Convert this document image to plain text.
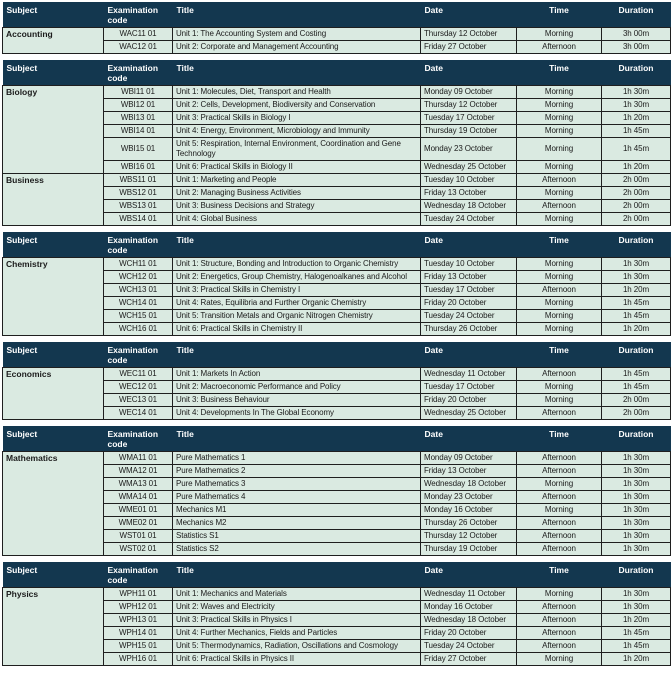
Subject	Examination code	Title	Date	Time	Duration
Accounting	WAC11 01	Unit 1: The Accounting System and Costing	Thursday 12 October	Morning	3h 00m
	WAC12 01	Unit 2: Corporate and Management Accounting	Friday 27 October	Afternoon	3h 00m
Subject	Examination code	Title	Date	Time	Duration
Biology	WBI11 01	Unit 1: Molecules, Diet, Transport and Health	Monday 09 October	Morning	1h 30m
	WBI12 01	Unit 2: Cells, Development, Biodiversity and Conservation	Thursday 12 October	Morning	1h 30m
	WBI13 01	Unit 3: Practical Skills in Biology I	Tuesday 17 October	Morning	1h 20m
	WBI14 01	Unit 4: Energy, Environment, Microbiology and Immunity	Thursday 19 October	Morning	1h 45m
	WBI15 01	Unit 5: Respiration, Internal Environment, Coordination and Gene Technology	Monday 23 October	Morning	1h 45m
	WBI16 01	Unit 6: Practical Skills in Biology II	Wednesday 25 October	Morning	1h 20m
Business	WBS11 01	Unit 1: Marketing and People	Tuesday 10 October	Afternoon	2h 00m
	WBS12 01	Unit 2: Managing Business Activities	Friday 13 October	Morning	2h 00m
	WBS13 01	Unit 3: Business Decisions and Strategy	Wednesday 18 October	Afternoon	2h 00m
	WBS14 01	Unit 4: Global Business	Tuesday 24 October	Morning	2h 00m
Subject	Examination code	Title	Date	Time	Duration
Chemistry	WCH11 01	Unit 1: Structure, Bonding and Introduction to Organic Chemistry	Tuesday 10 October	Morning	1h 30m
	WCH12 01	Unit 2: Energetics, Group Chemistry, Halogenoalkanes and Alcohol	Friday 13 October	Morning	1h 30m
	WCH13 01	Unit 3: Practical Skills in Chemistry I	Tuesday 17 October	Afternoon	1h 20m
	WCH14 01	Unit 4: Rates, Equilibria and Further Organic Chemistry	Friday 20 October	Morning	1h 45m
	WCH15 01	Unit 5: Transition Metals and Organic Nitrogen Chemistry	Tuesday 24 October	Morning	1h 45m
	WCH16 01	Unit 6: Practical Skills in Chemistry II	Thursday 26 October	Morning	1h 20m
Subject	Examination code	Title	Date	Time	Duration
Economics	WEC11 01	Unit 1: Markets In Action	Wednesday 11 October	Afternoon	1h 45m
	WEC12 01	Unit 2: Macroeconomic Performance and Policy	Tuesday 17 October	Morning	1h 45m
	WEC13 01	Unit 3: Business Behaviour	Friday 20 October	Morning	2h 00m
	WEC14 01	Unit 4: Developments In The Global Economy	Wednesday 25 October	Afternoon	2h 00m
Subject	Examination code	Title	Date	Time	Duration
Mathematics	WMA11 01	Pure Mathematics 1	Monday 09 October	Afternoon	1h 30m
	WMA12 01	Pure Mathematics 2	Friday 13 October	Afternoon	1h 30m
	WMA13 01	Pure Mathematics 3	Wednesday 18 October	Morning	1h 30m
	WMA14 01	Pure Mathematics 4	Monday 23 October	Afternoon	1h 30m
	WME01 01	Mechanics M1	Monday 16 October	Morning	1h 30m
	WME02 01	Mechanics M2	Thursday 26 October	Afternoon	1h 30m
	WST01 01	Statistics S1	Thursday 12 October	Afternoon	1h 30m
	WST02 01	Statistics S2	Thursday 19 October	Afternoon	1h 30m
Subject	Examination code	Title	Date	Time	Duration
Physics	WPH11 01	Unit 1: Mechanics and Materials	Wednesday 11 October	Morning	1h 30m
	WPH12 01	Unit 2: Waves and Electricity	Monday 16 October	Afternoon	1h 30m
	WPH13 01	Unit 3: Practical Skills in Physics I	Wednesday 18 October	Afternoon	1h 20m
	WPH14 01	Unit 4: Further Mechanics, Fields and Particles	Friday 20 October	Afternoon	1h 45m
	WPH15 01	Unit 5: Thermodynamics, Radiation, Oscillations and Cosmology	Tuesday 24 October	Afternoon	1h 45m
	WPH16 01	Unit 6: Practical Skills in Physics II	Friday 27 October	Morning	1h 20m
